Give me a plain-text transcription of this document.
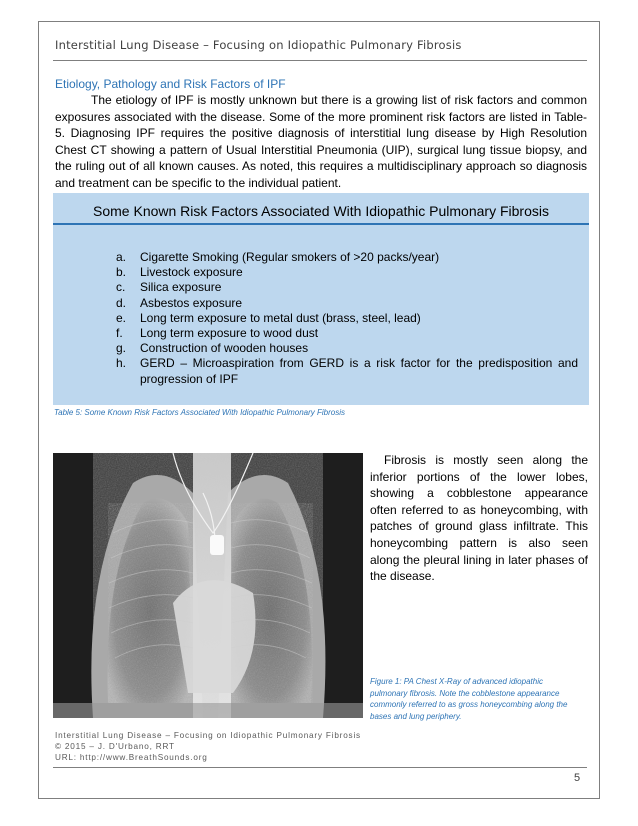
Interstitial Lung Disease – Focusing on Idiopathic Pulmonary Fibrosis
Etiology, Pathology and Risk Factors of IPF
The etiology of IPF is mostly unknown but there is a growing list of risk factors and common exposures associated with the disease. Some of the more prominent risk factors are listed in Table-5. Diagnosing IPF requires the positive diagnosis of interstitial lung disease by High Resolution Chest CT showing a pattern of Usual Interstitial Pneumonia (UIP), surgical lung tissue biopsy, and the ruling out of all known causes. As noted, this requires a multidisciplinary approach so diagnosis and treatment can be specific to the individual patient.
Some Known Risk Factors Associated With Idiopathic Pulmonary Fibrosis
a. Cigarette Smoking (Regular smokers of >20 packs/year)
b. Livestock exposure
c. Silica exposure
d. Asbestos exposure
e. Long term exposure to metal dust (brass, steel, lead)
f. Long term exposure to wood dust
g. Construction of wooden houses
h. GERD – Microaspiration from GERD is a risk factor for the predisposition and progression of IPF
Table 5: Some Known Risk Factors Associated With Idiopathic Pulmonary Fibrosis
Fibrosis is mostly seen along the inferior portions of the lower lobes, showing a cobblestone appearance often referred to as honeycombing, with patches of ground glass infiltrate. This honeycombing pattern is also seen along the pleural lining in later phases of the disease.
Figure 1: PA Chest X-Ray of advanced idiopathic pulmonary fibrosis. Note the cobblestone appearance commonly referred to as gross honeycombing along the bases and lung periphery.
Interstitial Lung Disease – Focusing on Idiopathic Pulmonary Fibrosis
© 2015 – J. D'Urbano, RRT
URL: http://www.BreathSounds.org
5
